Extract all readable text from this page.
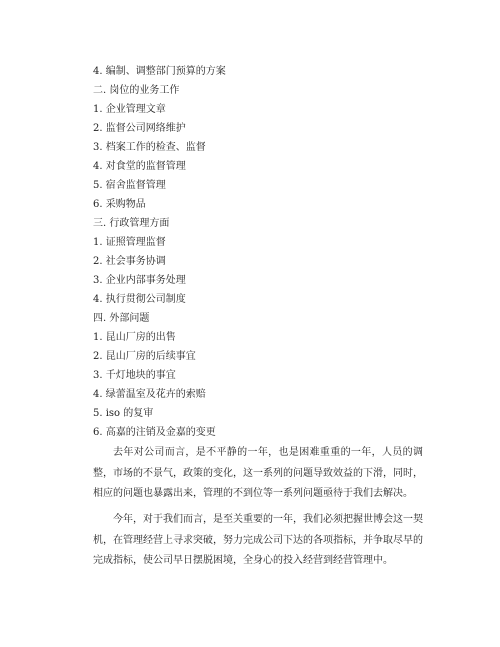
4. 编制、调整部门预算的方案
二. 岗位的业务工作
1. 企业管理文章
2. 监督公司网络维护
3. 档案工作的检查、监督
4. 对食堂的监督管理
5. 宿舍监督管理
6. 采购物品
三. 行政管理方面
1. 证照管理监督
2. 社会事务协调
3. 企业内部事务处理
4. 执行贯彻公司制度
四. 外部问题
1. 昆山厂房的出售
2. 昆山厂房的后续事宜
3. 千灯地块的事宜
4. 绿蕾温室及花卉的索赔
5. iso 的复审
6. 高嘉的注销及金嘉的变更
去年对公司而言，是不平静的一年，也是困难重重的一年，人员的调整，市场的不景气，政策的变化，这一系列的问题导致效益的下滑，同时，相应的问题也暴露出来，管理的不到位等一系列问题亟待于我们去解决。
今年，对于我们而言，是至关重要的一年，我们必须把握世博会这一契机，在管理经营上寻求突破，努力完成公司下达的各项指标，并争取尽早的完成指标，使公司早日摆脱困境，全身心的投入经营到经营管理中。
